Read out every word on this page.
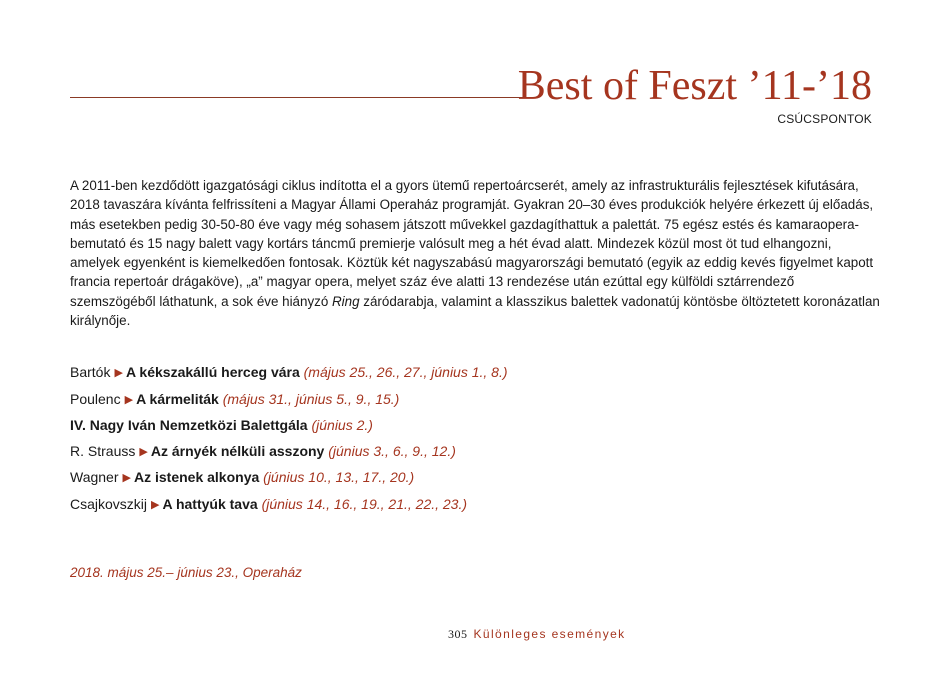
Best of Feszt ’11-’18
CSÚCSPONTOK

A 2011-ben kezdődött igazgatósági ciklus indította el a gyors ütemű repertoárcserét, amely az infrastrukturális fejlesztések kifutására, 2018 tavaszára kívánta felfrissíteni a Magyar Állami Operaház programját. Gyakran 20–30 éves produkciók helyére érkezett új előadás, más esetekben pedig 30-50-80 éve vagy még sohasem játszott művekkel gazdagíthattuk a palettát. 75 egész estés és kamaraopera-bemutató és 15 nagy balett vagy kortárs táncmű premierje valósult meg a hét évad alatt. Mindezek közül most öt tud elhangozni, amelyek egyenként is kiemelkedően fontosak. Köztük két nagyszabású magyarországi bemutató (egyik az eddig kevés figyelmet kapott francia repertoár drágaköve), „a” magyar opera, melyet száz éve alatti 13 rendezése után ezúttal egy külföldi sztárrendező szemszögéből láthatunk, a sok éve hiányzó Ring záródarabja, valamint a klasszikus balettek vadonatúj köntösbe öltöztetett koronázatlan királynője.

Bartók ▶ A kékszakállú herceg vára (május 25., 26., 27., június 1., 8.)
Poulenc ▶ A kármeliták (május 31., június 5., 9., 15.)
IV. Nagy Iván Nemzetközi Balettgála (június 2.)
R. Strauss ▶ Az árnyék nélküli asszony (június 3., 6., 9., 12.)
Wagner ▶ Az istenek alkonya (június 10., 13., 17., 20.)
Csajkovszkij ▶ A hattyúk tava (június 14., 16., 19., 21., 22., 23.)
2018. május 25.– június 23., Operaház
305 Különleges események
